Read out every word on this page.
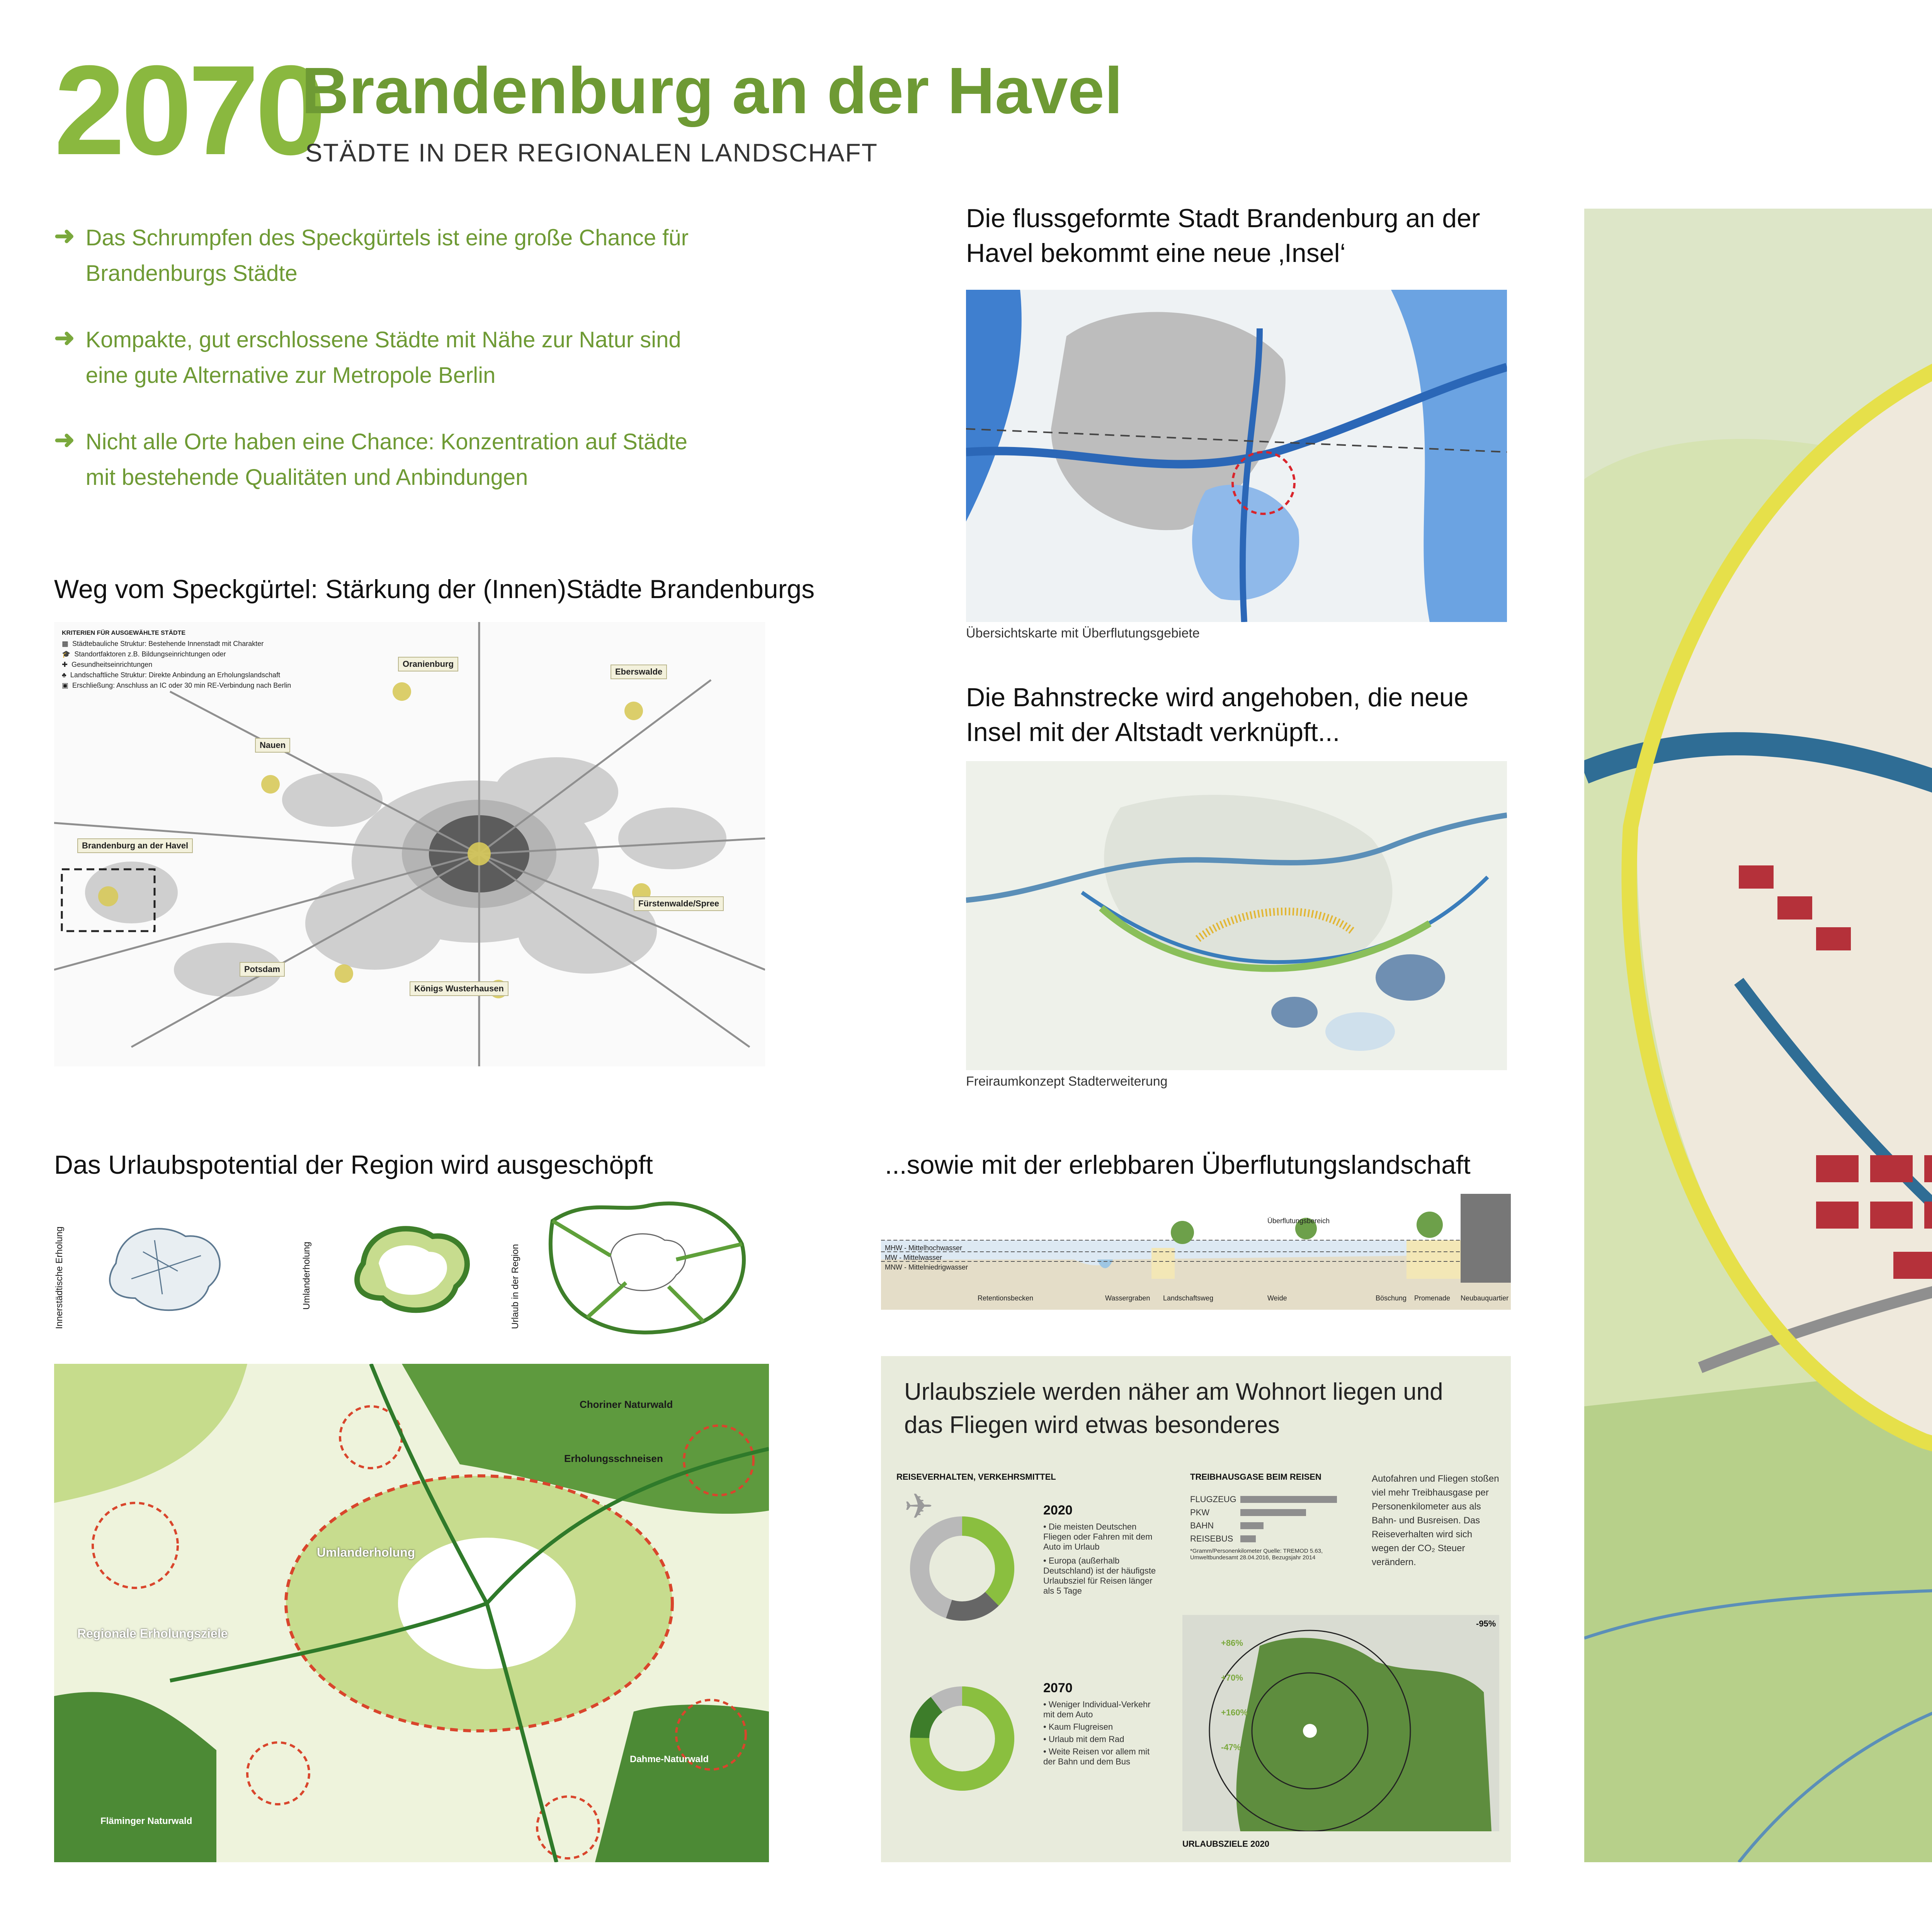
2070
Brandenburg an der Havel
STÄDTE IN DER REGIONALEN LANDSCHAFT
➜ Das Schrumpfen des Speckgürtels ist eine große Chance für Brandenburgs Städte
➜ Kompakte, gut erschlossene Städte mit Nähe zur Natur sind eine gute Alternative zur Metropole Berlin
➜ Nicht alle Orte haben eine Chance: Konzentration auf Städte mit bestehende Qualitäten und Anbindungen
Weg vom Speckgürtel: Stärkung der (Innen)Städte Brandenburgs
KRITERIEN FÜR AUSGEWÄHLTE STÄDTE
▦ Städtebauliche Struktur: Bestehende Innenstadt mit Charakter
🎓 Standortfaktoren z.B. Bildungseinrichtungen oder
✚ Gesundheitseinrichtungen
♣ Landschaftliche Struktur: Direkte Anbindung an Erholungslandschaft
▣ Erschließung: Anschluss an IC oder 30 min RE-Verbindung nach Berlin
Oranienburg
Eberswalde
Nauen
Brandenburg an der Havel
Fürstenwalde/Spree
Potsdam
Königs Wusterhausen
Das Urlaubspotential der Region wird ausgeschöpft
Innerstädtische Erholung	Umlanderholung	Urlaub in der Region
Choriner Naturwald
Erholungsschneisen
Umlanderholung
Regionale Erholungsziele
Fläminger Naturwald
Dahme-Naturwald
Die flussgeformte Stadt Brandenburg an der Havel bekommt eine neue ‚Insel‘
Übersichtskarte mit Überflutungsgebiete
Die Bahnstrecke wird angehoben, die neue Insel mit der Altstadt verknüpft...
Freiraumkonzept Stadterweiterung
...sowie mit der erlebbaren Überflutungslandschaft
Überflutungsbereich
MHW - Mittelhochwasser
MW - Mittelwasser
MNW - Mittelniedrigwasser
Retentionsbecken	Wassergraben Landschaftsweg	Weide	Böschung Promenade Neubauquartier
Urlaubsziele werden näher am Wohnort liegen und das Fliegen wird etwas besonderes
REISEVERHALTEN, VERKEHRSMITTEL
✈	2020
• Die meisten Deutschen Fliegen oder Fahren mit dem Auto im Urlaub
• Europa (außerhalb Deutschland) ist der häufigste Urlaubsziel für Reisen länger als 5 Tage
2070
• Weniger Individual-Verkehr mit dem Auto
• Kaum Flugreisen
• Urlaub mit dem Rad
• Weite Reisen vor allem mit der Bahn und dem Bus
TREIBHAUSGASE BEIM REISEN
FLUGZEUG
PKW
BAHN
REISEBUS
*Gramm/Personenkilometer Quelle: TREMOD 5.63, Umweltbundesamt 28.04.2016, Bezugsjahr 2014
Autofahren und Fliegen stoßen viel mehr Treibhausgase per Personenkilometer aus als Bahn- und Busreisen. Das Reiseverhalten wird sich wegen der CO₂ Steuer verändern.
-95%
+86%
+70%
+160%
-47%
URLAUBSZIELE 2020
